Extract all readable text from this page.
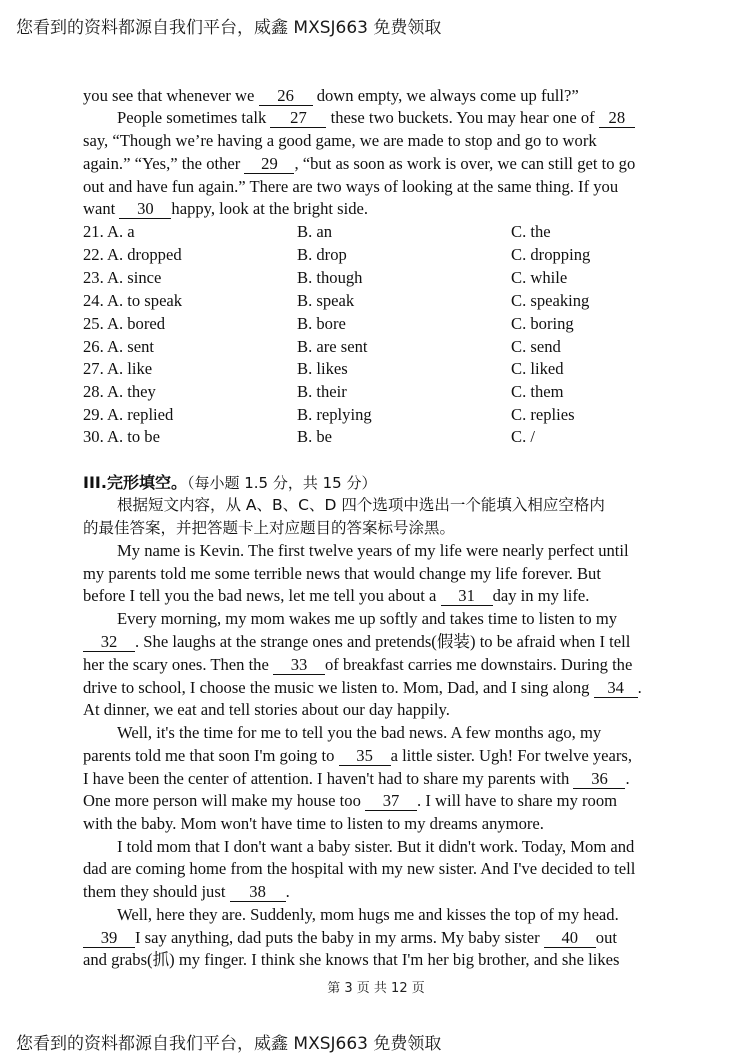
您看到的资料都源自我们平台，威鑫 MXSJ663 免费领取
you see that whenever we 26 down empty, we always come up full?”
People sometimes talk 27 these two buckets. You may hear one of 28
say, “Though we’re having a good game, we are made to stop and go to work
again.” “Yes,” the other 29 , “but as soon as work is over, we can still get to go
out and have fun again.” There are two ways of looking at the same thing. If you
want 30 happy, look at the bright side.
21. A. a	B. an	C. the
22. A. dropped	B. drop	C. dropping
23. A. since	B. though	C. while
24. A. to speak	B. speak	C. speaking
25. A. bored	B. bore	C. boring
26. A. sent	B. are sent	C. send
27. A. like	B. likes	C. liked
28. A. they	B. their	C. them
29. A. replied	B. replying	C. replies
30. A. to be	B. be	C. /
III.完形填空。（每小题 1.5 分，共 15 分）
根据短文内容，从 A、B、C、D 四个选项中选出一个能填入相应空格内
的最佳答案，并把答题卡上对应题目的答案标号涂黑。
My name is Kevin. The first twelve years of my life were nearly perfect until
my parents told me some terrible news that would change my life forever. But
before I tell you the bad news, let me tell you about a 31 day in my life.
Every morning, my mom wakes me up softly and takes time to listen to my
32 . She laughs at the strange ones and pretends(假装) to be afraid when I tell
her the scary ones. Then the 33 of breakfast carries me downstairs. During the
drive to school, I choose the music we listen to. Mom, Dad, and I sing along 34 .
At dinner, we eat and tell stories about our day happily.
Well, it's the time for me to tell you the bad news. A few months ago, my
parents told me that soon I'm going to 35 a little sister. Ugh! For twelve years,
I have been the center of attention. I haven't had to share my parents with 36 .
One more person will make my house too 37 . I will have to share my room
with the baby. Mom won't have time to listen to my dreams anymore.
I told mom that I don't want a baby sister. But it didn't work. Today, Mom and
dad are coming home from the hospital with my new sister. And I've decided to tell
them they should just 38 .
Well, here they are. Suddenly, mom hugs me and kisses the top of my head.
39 I say anything, dad puts the baby in my arms. My baby sister 40 out
and grabs(抓) my finger. I think she knows that I'm her big brother, and she likes
第 3 页 共 12 页
您看到的资料都源自我们平台，威鑫 MXSJ663 免费领取
